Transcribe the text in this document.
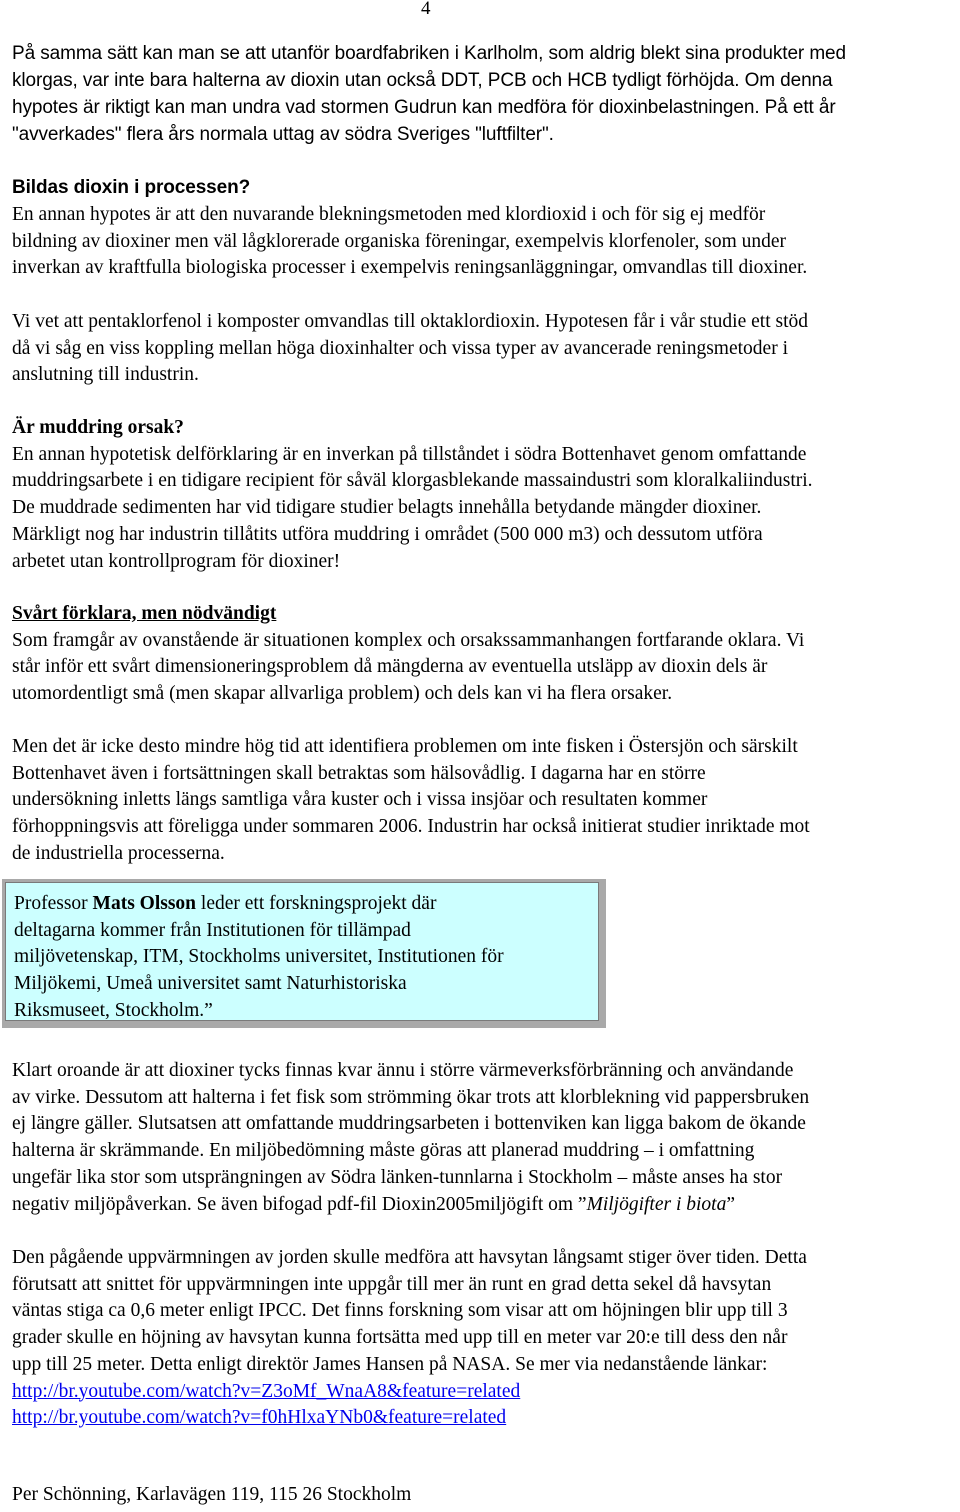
4

På samma sätt kan man se att utanför boardfabriken i Karlholm, som aldrig blekt sina produkter med

klorgas, var inte bara halterna av dioxin utan också DDT, PCB och HCB tydligt förhöjda. Om denna

hypotes är riktigt kan man undra vad stormen Gudrun kan medföra för dioxinbelastningen. På ett år

"avverkades" flera års normala uttag av södra Sveriges "luftfilter".

Bildas dioxin i processen?

En annan hypotes är att den nuvarande blekningsmetoden med klordioxid i och för sig ej medför

bildning av dioxiner men väl lågklorerade organiska föreningar, exempelvis klorfenoler, som under

inverkan av kraftfulla biologiska processer i exempelvis reningsanläggningar, omvandlas till dioxiner.

Vi vet att pentaklorfenol i komposter omvandlas till oktaklordioxin. Hypotesen får i vår studie ett stöd

då vi såg en viss koppling mellan höga dioxinhalter och vissa typer av avancerade reningsmetoder i

anslutning till industrin.

Är muddring orsak?

En annan hypotetisk delförklaring är en inverkan på tillståndet i södra Bottenhavet genom omfattande

muddringsarbete i en tidigare recipient för såväl klorgasblekande massaindustri som kloralkaliindustri.

De muddrade sedimenten har vid tidigare studier belagts innehålla betydande mängder dioxiner.

Märkligt nog har industrin tillåtits utföra muddring i området (500 000 m3) och dessutom utföra

arbetet utan kontrollprogram för dioxiner!

Svårt förklara, men nödvändigt

Som framgår av ovanstående är situationen komplex och orsakssammanhangen fortfarande oklara. Vi

står inför ett svårt dimensioneringsproblem då mängderna av eventuella utsläpp av dioxin dels är

utomordentligt små (men skapar allvarliga problem) och dels kan vi ha flera orsaker.

Men det är icke desto mindre hög tid att identifiera problemen om inte fisken i Östersjön och särskilt

Bottenhavet även i fortsättningen skall betraktas som hälsovådlig. I dagarna har en större

undersökning inletts längs samtliga våra kuster och i vissa insjöar och resultaten kommer

förhoppningsvis att föreligga under sommaren 2006. Industrin har också initierat studier inriktade mot

de industriella processerna.

Professor Mats Olsson leder ett forskningsprojekt där
deltagarna kommer från Institutionen för tillämpad
miljövetenskap, ITM, Stockholms universitet, Institutionen för
Miljökemi, Umeå universitet samt Naturhistoriska
Riksmuseet, Stockholm.”

Klart oroande är att dioxiner tycks finnas kvar ännu i större värmeverksförbränning och användande

av virke. Dessutom att halterna i fet fisk som strömming ökar trots att klorblekning vid pappersbruken

ej längre gäller. Slutsatsen att omfattande muddringsarbeten i bottenviken kan ligga bakom de ökande

halterna är skrämmande. En miljöbedömning måste göras att planerad muddring – i omfattning

ungefär lika stor som utsprängningen av Södra länken-tunnlarna i Stockholm – måste anses ha stor

negativ miljöpåverkan. Se även bifogad pdf-fil Dioxin2005miljögift om ”Miljögifter i biota”

Den pågående uppvärmningen av jorden skulle medföra att havsytan långsamt stiger över tiden. Detta

förutsatt att snittet för uppvärmningen inte uppgår till mer än runt en grad detta sekel då havsytan

väntas stiga ca 0,6 meter enligt IPCC. Det finns forskning som visar att om höjningen blir upp till 3

grader skulle en höjning av havsytan kunna fortsätta med upp till en meter var 20:e till dess den når

upp till 25 meter. Detta enligt direktör James Hansen på NASA. Se mer via nedanstående länkar:

http://br.youtube.com/watch?v=Z3oMf_WnaA8&feature=related

http://br.youtube.com/watch?v=f0hHlxaYNb0&feature=related

Per Schönning, Karlavägen 119, 115 26 Stockholm
